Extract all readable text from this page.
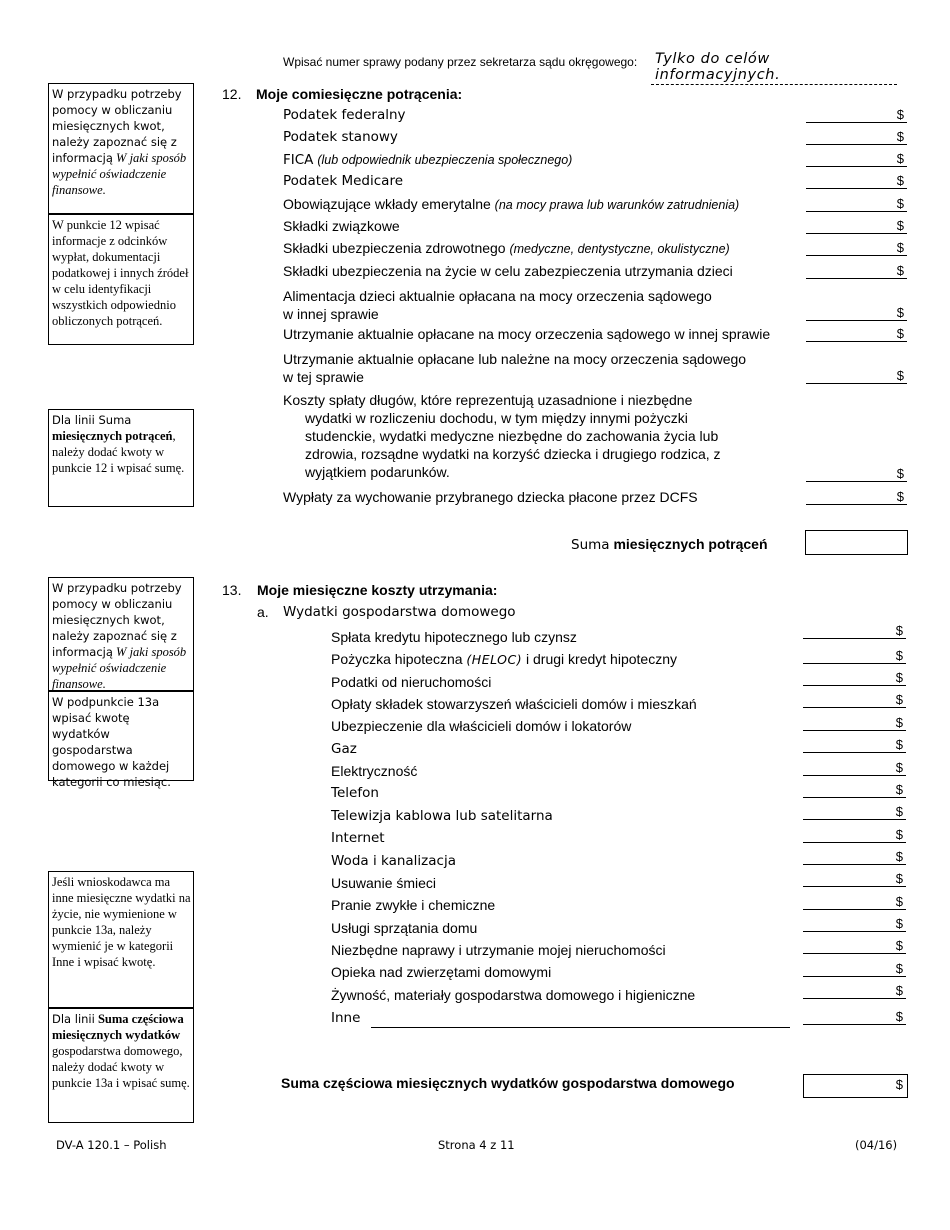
Wpisać numer sprawy podany przez sekretarza sądu okręgowego: Tylko do celów informacyjnych.
W przypadku potrzeby pomocy w obliczaniu miesięcznych kwot, należy zapoznać się z informacją W jaki sposób wypełnić oświadczenie finansowe.
W punkcie 12 wpisać informacje z odcinków wypłat, dokumentacji podatkowej i innych źródeł w celu identyfikacji wszystkich odpowiednio obliczonych potrąceń.
Dla linii Suma miesięcznych potrąceń, należy dodać kwoty w punkcie 12 i wpisać sumę.
W przypadku potrzeby pomocy w obliczaniu miesięcznych kwot, należy zapoznać się z informacją W jaki sposób wypełnić oświadczenie finansowe.
W podpunkcie 13a wpisać kwotę wydatków gospodarstwa domowego w każdej kategorii co miesiąc.
Jeśli wnioskodawca ma inne miesięczne wydatki na życie, nie wymienione w punkcie 13a, należy wymienić je w kategorii Inne i wpisać kwotę.
Dla linii Suma częściowa miesięcznych wydatków gospodarstwa domowego, należy dodać kwoty w punkcie 13a i wpisać sumę.
12. Moje comiesięczne potrącenia:
Podatek federalny	$
Podatek stanowy	$
FICA (lub odpowiednik ubezpieczenia społecznego)	$
Podatek Medicare	$
Obowiązujące wkłady emerytalne (na mocy prawa lub warunków zatrudnienia)	$
Składki związkowe	$
Składki ubezpieczenia zdrowotnego (medyczne, dentystyczne, okulistyczne)	$
Składki ubezpieczenia na życie w celu zabezpieczenia utrzymania dzieci	$
Alimentacja dzieci aktualnie opłacana na mocy orzeczenia sądowego
w innej sprawie	$
Utrzymanie aktualnie opłacane na mocy orzeczenia sądowego w innej sprawie	$
Utrzymanie aktualnie opłacane lub należne na mocy orzeczenia sądowego
w tej sprawie	$
Koszty spłaty długów, które reprezentują uzasadnione i niezbędne
wydatki w rozliczeniu dochodu, w tym między innymi pożyczki
studenckie, wydatki medyczne niezbędne do zachowania życia lub
zdrowia, rozsądne wydatki na korzyść dziecka i drugiego rodzica, z
wyjątkiem podarunków.	$
Wypłaty za wychowanie przybranego dziecka płacone przez DCFS	$
Suma miesięcznych potrąceń
13. Moje miesięczne koszty utrzymania:
a. Wydatki gospodarstwa domowego
Spłata kredytu hipotecznego lub czynsz	$
Pożyczka hipoteczna (HELOC) i drugi kredyt hipoteczny	$
Podatki od nieruchomości	$
Opłaty składek stowarzyszeń właścicieli domów i mieszkań	$
Ubezpieczenie dla właścicieli domów i lokatorów	$
Gaz	$
Elektryczność	$
Telefon	$
Telewizja kablowa lub satelitarna	$
Internet	$
Woda i kanalizacja	$
Usuwanie śmieci	$
Pranie zwykłe i chemiczne	$
Usługi sprzątania domu	$
Niezbędne naprawy i utrzymanie mojej nieruchomości	$
Opieka nad zwierzętami domowymi	$
Żywność, materiały gospodarstwa domowego i higieniczne	$
Inne	$
Suma częściowa miesięcznych wydatków gospodarstwa domowego	$
DV-A 120.1 – Polish	Strona 4 z 11	(04/16)
